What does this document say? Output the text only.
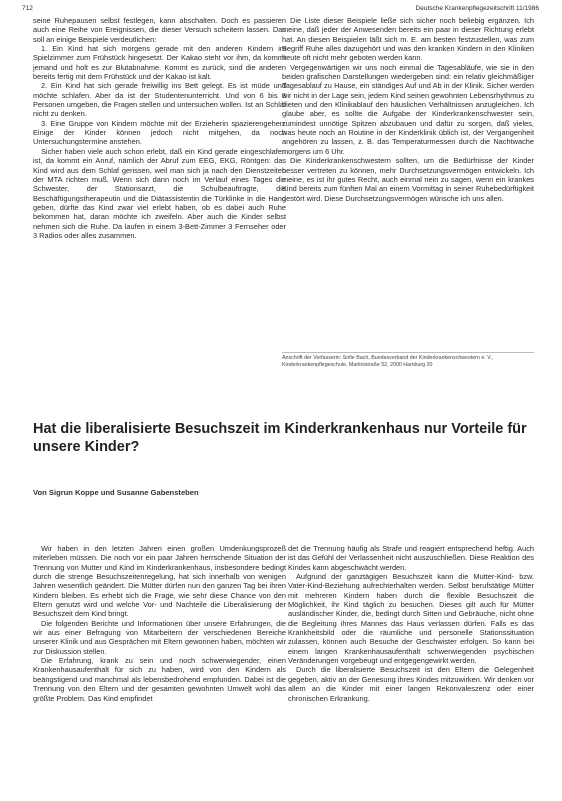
712	Deutsche Krankenpflegezeitschrift 11/1986

seine Ruhepausen selbst festlegen, kann abschalten. Doch es passieren auch eine Reihe von Ereignissen, die dieser Versuch scheitern lassen. Das soll an einige Beispiele verdeutlichen:

1. Ein Kind hat sich morgens gerade mit den anderen Kindern im Spielzimmer zum Frühstück hingesetzt. Der Kakao steht vor ihm, da kommt jemand und holt es zur Blutabnahme. Kommt es zurück, sind die anderen bereits fertig mit dem Frühstück und der Kakao ist kalt.

2. Ein Kind hat sich gerade freiwillig ins Bett gelegt. Es ist müde und möchte schlafen. Aber da ist der Studentenunterricht. Und von 6 bis 8 Personen umgeben, die Fragen stellen und untersuchen wollen. Ist an Schlaf nicht zu denken.

3. Eine Gruppe von Kindern möchte mit der Erzieherin spazierengehen. Einige der Kinder können jedoch nicht mitgehen, da noch Untersuchungstermine anstehen.

Sicher haben viele auch schon erlebt, daß ein Kind gerade eingeschlafen ist, da kommt ein Anruf, nämlich der Abruf zum EEG, EKG, Röntgen: das Kind wird aus dem Schlaf gerissen, weil man sich ja nach den Dienstzeiten der MTA richten muß. Wenn sich dann noch im Verlauf eines Tages die Schwester, der Stationsarzt, die Schulbeauftragte, die Beschäftigungstherapeutin und die Diätassistentin die Türklinke in die Hand geben, dürfte das Kind zwar viel erlebt haben, ob es dabei auch Ruhe bekommen hat, daran möchte ich zweifeln. Aber auch die Kinder selbst nehmen sich die Ruhe. Da laufen in einem 3-Bett-Zimmer 3 Fernseher oder 3 Radios oder alles zusammen.

Die Liste dieser Beispiele ließe sich sicher noch beliebig ergänzen. Ich meine, daß jeder der Anwesenden bereits ein paar in dieser Richtung erlebt hat. An diesen Beispielen läßt sich m. E. am besten festzustellen, was zum Begriff Ruhe alles dazugehört und was den kranken Kindern in den Kliniken heute oft nicht mehr geboten werden kann.

Vergegenwärtigen wir uns noch einmal die Tagesabläufe, wie sie in den beiden grafischen Darstellungen wiedergeben sind: ein relativ gleichmäßiger Tagesablauf zu Hause, ein ständiges Auf und Ab in der Klinik. Sicher werden wir nicht in der Lage sein, jedem Kind seinen gewohnten Lebensrhythmus zu bieten und den Klinikablauf den häuslichen Verhältnissen anzugleichen. Ich glaube aber, es sollte die Aufgabe der Kinderkrankenschwester sein, zumindest unnötige Spitzen abzubauen und dafür zu sorgen, daß vieles, was heute noch an Routine in der Kinderklinik üblich ist, der Vergangenheit angehören zu lassen, z. B. das Temperaturmessen durch die Nachtwache morgens um 6 Uhr.

Die Kinderkrankenschwestern sollten, um die Bedürfnisse der Kinder besser vertreten zu können, mehr Durchsetzungsvermögen entwickeln. Ich meine, es ist ihr gutes Recht, auch einmal nein zu sagen, wenn ein krankes Kind bereits zum fünften Mal an einem Vormittag in seiner Ruhebedürftigkeit gestört wird. Diese Durchsetzungsvermögen wünsche ich uns allen.

Anschrift der Verfasserin: Sofie Bach, Bundesverband der Kinderkrankenschwestern e. V., Kinderkrankenpflegeschule, Martinistraße 52, 2000 Hamburg 20
Hat die liberalisierte Besuchszeit im Kinderkrankenhaus nur Vorteile für unsere Kinder?

Von Sigrun Koppe und Susanne Gabensteben

Wir haben in den letzten Jahren einen großen Umdenkungsprozeß miterleben müssen. Die noch vor ein paar Jahren herrschende Situation der Trennung von Mutter und Kind im Kinderkrankenhaus, insbesondere bedingt durch die strenge Besuchszeitenregelung, hat sich innerhalb von wenigen Jahren wesentlich geändert. Die Mütter dürfen nun den ganzen Tag bei ihren Kindern bleiben. Es erhebt sich die Frage, wie sehr diese Chance von den Eltern genutzt wird und welche Vor- und Nachteile die Liberalisierung der Besuchszeit dem Kind bringt.

Die folgenden Berichte und Informationen über unsere Erfahrungen, die wir aus einer Befragung von Mitarbeitern der verschiedenen Bereiche unserer Klinik und aus Gesprächen mit Eltern gewonnen haben, möchten wir zur Diskussion stellen.

Die Erfahrung, krank zu sein und noch schwerwiegender, einen Krankenhausaufenthalt für sich zu haben, wird von den Kindern als beängstigend und manchmal als lebensbedrohend empfunden. Dabei ist die Trennung von den Eltern und der gesamten gewohnten Umwelt wohl das größte Problem. Das Kind empfindet

det die Trennung häufig als Strafe und reagiert entsprechend heftig. Auch ist das Gefühl der Verlassenheit nicht auszuschließen. Diese Reaktion des Kindes kann abgeschwächt werden.

Aufgrund der ganztägigen Besuchszeit kann die Mutter-Kind- bzw. Vater-Kind-Beziehung aufrechterhalten werden. Selbst berufstätige Mütter mit mehreren Kindern haben durch die flexible Besuchszeit die Möglichkeit, ihr Kind täglich zu besuchen. Dieses gilt auch für Mütter ausländischer Kinder, die, bedingt durch Sitten und Gebräuche, nicht ohne die Begleitung ihres Mannes das Haus verlassen dürfen. Falls es das Krankheitsbild oder die räumliche und personelle Stationssituation zulassen, können auch Besuche der Geschwister erfolgen. So kann bei einem langen Krankenhausaufenthalt schwerwiegenden psychischen Veränderungen vorgebeugt und entgegengewirkt werden.

Durch die liberalisierte Besuchszeit ist den Eltern die Gelegenheit gegeben, aktiv an der Genesung ihres Kindes mitzuwirken. Wir denken vor allem an die Kinder mit einer langen Rekonvaleszenz oder einer chronischen Erkrankung.
